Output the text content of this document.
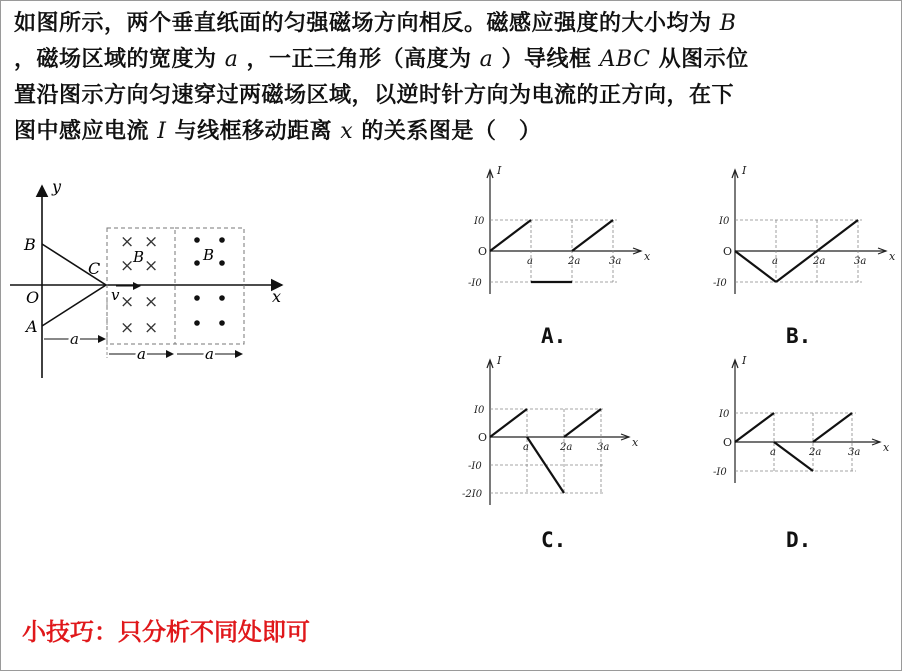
如图所示，两个垂直纸面的匀强磁场方向相反。磁感应强度的大小均为 B
，磁场区域的宽度为 a ，一正三角形（高度为 a ）导线框 ABC 从图示位
置沿图示方向匀速穿过两磁场区域，以逆时针方向为电流的正方向，在下
图中感应电流 I 与线框移动距离 x 的关系图是（　）
y
x
O
B
A
C
v
× ×
× ×
× ×
× ×
B	B
a
a	a
I
x
O
I0
-I0
a	2a	3a
I
x
O
I0
-I0
a	2a	3a
I
x
O
I0
-I0
-2I0
a	2a 3a
I
x
O
I0
-I0
a	2a	3a
A.	B.
C.	D.
小技巧：只分析不同处即可
